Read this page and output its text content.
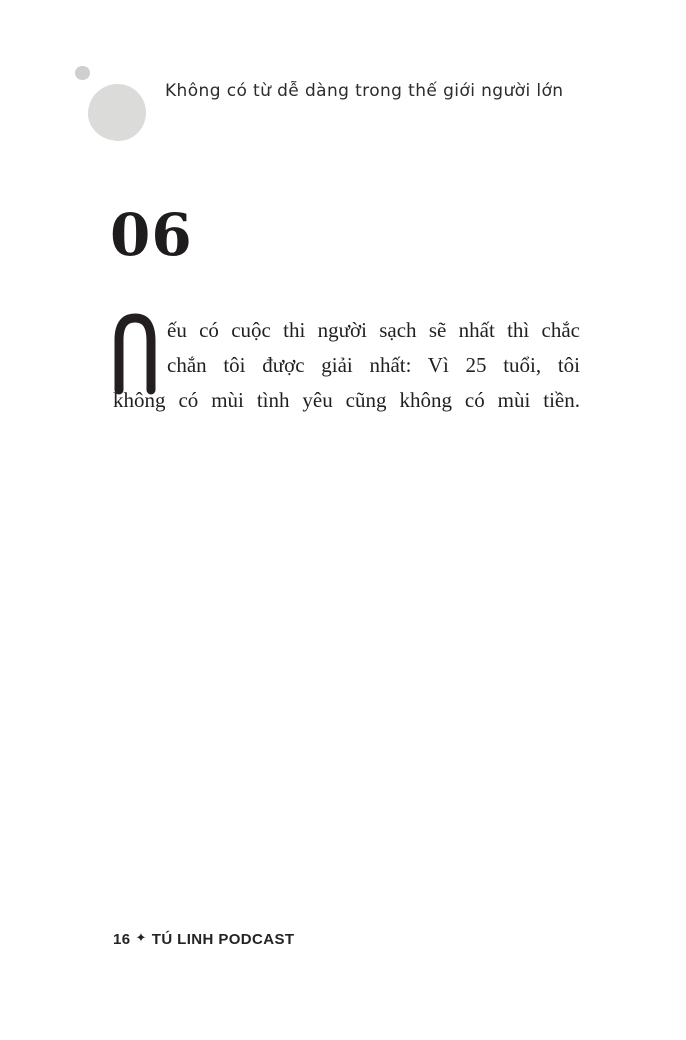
Không có từ dễ dàng trong thế giới người lớn
06
ếu có cuộc thi người sạch sẽ nhất thì chắc
chắn tôi được giải nhất: Vì 25 tuổi, tôi
không có mùi tình yêu cũng không có mùi tiền.
16 ✦ TÚ LINH PODCAST
